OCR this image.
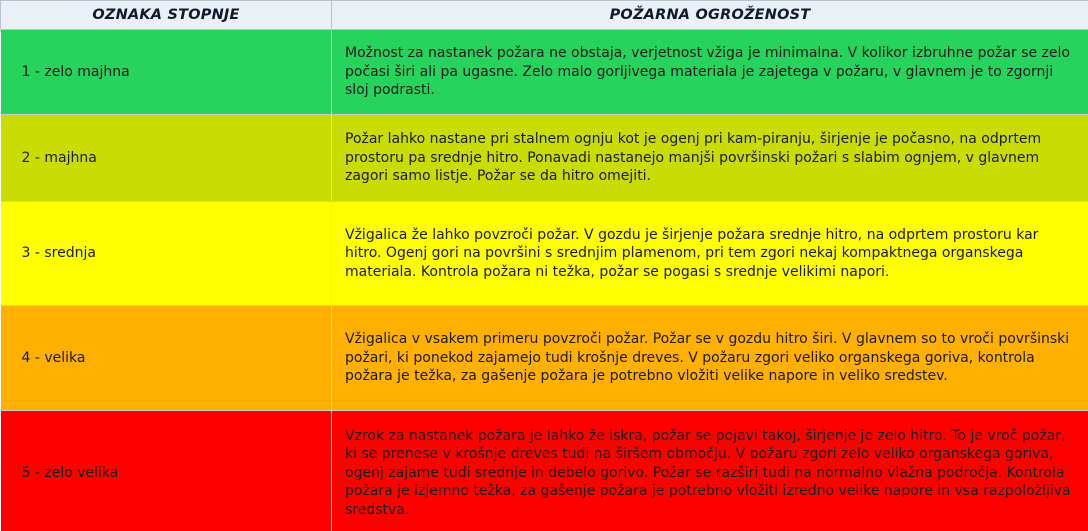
OZNAKA STOPNJE	POŽARNA OGROŽENOST
1 - zelo majhna	Možnost za nastanek požara ne obstaja, verjetnost vžiga je minimalna. V kolikor izbruhne požar se zelo počasi širi ali pa ugasne. Zelo malo gorljivega materiala je zajetega v požaru, v glavnem je to zgornji sloj podrasti.
2 - majhna	Požar lahko nastane pri stalnem ognju kot je ogenj pri kam-piranju, širjenje je počasno, na odprtem prostoru pa srednje hitro. Ponavadi nastanejo manjši površinski požari s slabim ognjem, v glavnem zagori samo listje. Požar se da hitro omejiti.
3 - srednja	Vžigalica že lahko povzroči požar. V gozdu je širjenje požara srednje hitro, na odprtem prostoru kar hitro. Ogenj gori na površini s srednjim plamenom, pri tem zgori nekaj kompaktnega organskega materiala. Kontrola požara ni težka, požar se pogasi s srednje velikimi napori.
4 - velika	Vžigalica v vsakem primeru povzroči požar. Požar se v gozdu hitro širi. V glavnem so to vroči površinski požari, ki ponekod zajamejo tudi krošnje dreves. V požaru zgori veliko organskega goriva, kontrola požara je težka, za gašenje požara je potrebno vložiti velike napore in veliko sredstev.
5 - zelo velika	Vzrok za nastanek požara je lahko že iskra, požar se pojavi takoj, širjenje je zelo hitro. To je vroč požar, ki se prenese v krošnje dreves tudi na širšem območju. V požaru zgori zelo veliko organskega goriva, ogenj zajame tudi srednje in debelo gorivo. Požar se razširi tudi na normalno vlažna področja. Kontrola požara je izjemno težka, za gašenje požara je potrebno vložiti izredno velike napore in vsa razpoložljiva sredstva.
